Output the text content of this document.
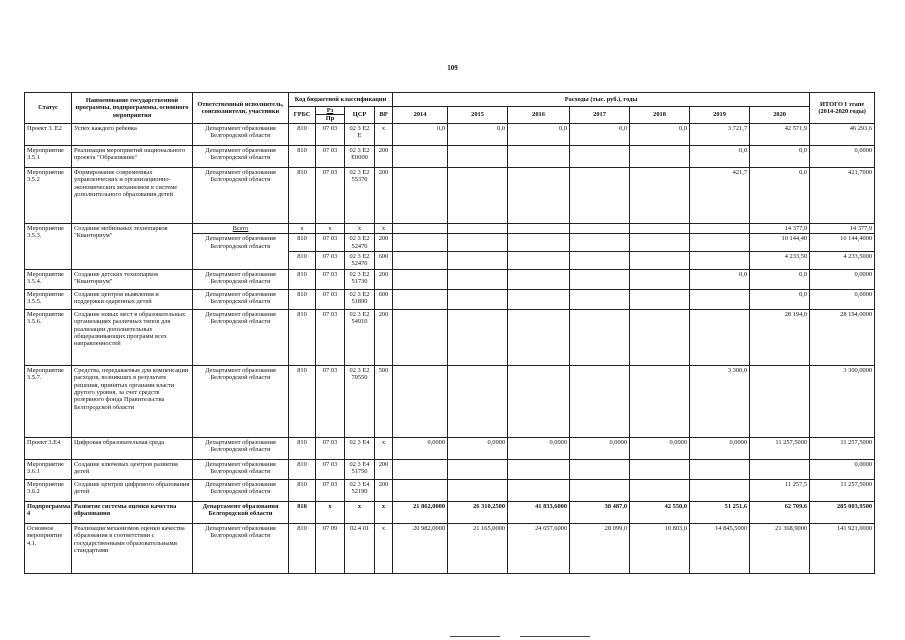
109
Статус	Наименование государственной программы, подпрограммы, основного мероприятия	Ответственный исполнитель, соисполнители, участники	Код бюджетной классификации				Расходы (тыс. руб.), годы							ИТОГО I этапе (2014-2020 годы)
			ГРБС	Рз	ЦСР	ВР	2014	2015	2016	2017	2018	2019	2020	
				Пр										
Проект 3. Е2	Успех каждого ребенка	Департамент образования Белгородской области	810	07 03	02 3 Е2 Е	х	0,0	0,0	0,0	0,0	0,0	3 721,7	42 571,9	46 293,6
Мероприятие 3.5.1	Реализация мероприятий национального проекта "Образование"	Департамент образования Белгородской области	810	07 03	02 3 Е2 Е0000	200						0,0	0,0	0,0000
Мероприятие 3.5.2	Формирование современных управленческих и организационно-экономических механизмов в системе дополнительного образования детей	Департамент образования Белгородской области	810	07 03	02 3 Е2 55370	200						421,7	0,0	421,7000
Мероприятие 3.5.3.	Создание мобильных технопарков "Кванториум"	Всего	х	х	х	х							14 377,9	14 377,9
		Департамент образования Белгородской области	810	07 03	02 3 Е2 52470	200							10 144,40	10 144,4000
			810	07 03	02 3 Е2 52470	600							4 233,50	4 233,5000
Мероприятие 3.5.4.	Создание детских технопарков "Кванториум"	Департамент образования Белгородской области	810	07 03	02 3 Е2 51730	200						0,0	0,0	0,0000
Мероприятие 3.5.5.	Создание центров выявления и поддержки одаренных детей	Департамент образования Белгородской области	810	07 03	02 3 Е2 51890	600							0,0	0,0000
Мероприятие 3.5.6.	Создание новых мест в образовательных организациях различных типов для реализации дополнительных общеразвивающих программ всех направленностей	Департамент образования Белгородской области	810	07 03	02 3 Е2 54910	200							28 194,0	28 194,0000
Мероприятие 3.5.7.	Средства, передаваемые для компенсации расходов, возникших в результате решения, принятых органами власти другого уровня, за счет средств резервного фонда Правительства Белгородской области	Департамент образования Белгородской области	810	07 03	02 3 Е2 70550	500						3 300,0		3 300,0000
Проект 3.Е4	Цифровая образовательная среда	Департамент образования Белгородской области	810	07 03	02 3 Е4	х	0,0000	0,0000	0,0000	0,0000	0,0000	0,0000	11 257,5000	11 257,5000
Мероприятие 3.6.1	Создание ключевых центров развития детей	Департамент образования Белгородской области	810	07 03	02 3 Е4 51750	200								0,0000
Мероприятие 3.6.2	Создание центров цифрового образования детей	Департамент образования Белгородской области	810	07 03	02 3 Е4 52190	200							11 257,5	11 257,5000
Подпрограмма 4	Развитие системы оценки качества образования	Департамент образования Белгородской области	810	х	х	х	21 862,0000	26 310,2500	41 833,6000	38 487,0	42 550,0	51 251,6	62 709,6	285 003,9500
Основное мероприятие 4.1.	Реализация механизмов оценки качества образования в соответствии с государственными образовательными стандартами	Департамент образования Белгородской области	810	07 09	02 4 01	х	20 982,0000	21 165,0000	24 657,6000	28 099,0	10 803,0	14 845,5000	21 368,9000	141 921,0000
